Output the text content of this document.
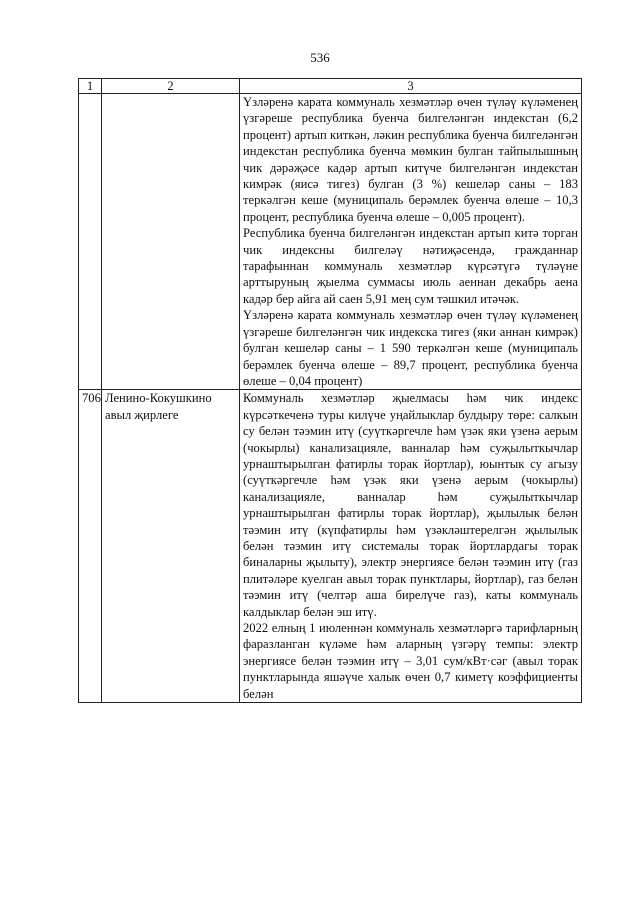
536
1	2	3

		Үзләренә карата коммуналь хезмәтләр өчен түләү күләменең үзгәреше республика буенча билгеләнгән индекстан (6,2 процент) артып киткән, ләкин республика буенча билгеләнгән индекстан республика буенча мөмкин булган тайпылышның чик дәрәҗәсе кадәр артып китүче билгеләнгән индекстан кимрәк (яисә тигез) булган (3 %) кешеләр саны – 183 теркәлгән кеше (муниципаль берәмлек буенча өлеше – 10,3 процент, республика буенча өлеше – 0,005 процент).

Республика буенча билгеләнгән индекстан артып китә торган чик индексны билгеләү нәтиҗәсендә, гражданнар тарафыннан коммуналь хезмәтләр күрсәтүгә түләүне арттыруның җыелма суммасы июль аеннан декабрь аена кадәр бер айга ай саен 5,91 мең сум тәшкил итәчәк.

Үзләренә карата коммуналь хезмәтләр өчен түләү күләменең үзгәреше билгеләнгән чик индекска тигез (яки аннан кимрәк) булган кешеләр саны – 1 590 теркәлгән кеше (муниципаль берәмлек буенча өлеше – 89,7 процент, республика буенча өлеше – 0,04 процент)

706	Ленино-Кокушкино авыл җирлеге	Коммуналь хезмәтләр җыелмасы һәм чик индекс күрсәткеченә туры килүче уңайлыклар булдыру төре: салкын су белән тәэмин итү (суүткәргечле һәм үзәк яки үзенә аерым (чокырлы) канализацияле, ванналар һәм суҗылыткычлар урнаштырылган фатирлы торак йортлар), юынтык су агызу (суүткәргечле һәм үзәк яки үзенә аерым (чокырлы) канализацияле, ванналар һәм суҗылыткычлар урнаштырылган фатирлы торак йортлар), җылылык белән тәэмин итү (күпфатирлы һәм үзәкләштерелгән җылылык белән тәэмин итү системалы торак йортлардагы торак биналарны җылыту), электр энергиясе белән тәэмин итү (газ плитәләре куелган авыл торак пунктлары, йортлар), газ белән тәэмин итү (челтәр аша бирелүче газ), каты коммуналь калдыклар белән эш итү.

2022 елның 1 июленнән коммуналь хезмәтләргә тарифларның фаразланган күләме һәм аларның үзгәрү темпы: электр энергиясе белән тәэмин итү – 3,01 сум/кВт·сәг (авыл торак пунктларында яшәүче халык өчен 0,7 киметү коэффициенты белән
